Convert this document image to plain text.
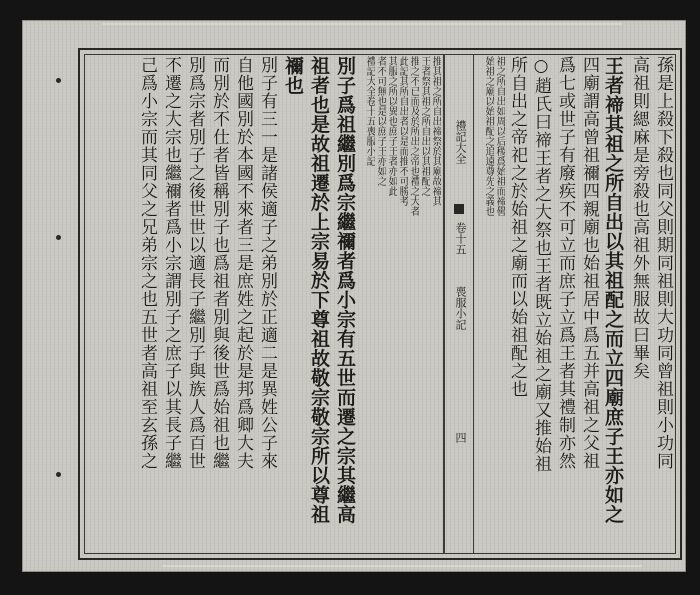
禮記大全
卷十五
喪服小記
四	孫是上殺下殺也同父則期同祖則大功同曾祖則小功同
高祖則緦麻是旁殺也高祖外無服故曰畢矣
王者禘其祖之所自出以其祖配之而立四廟庶子王亦如之
四廟謂高曾祖禰四親廟也始祖居中爲五并高祖之父祖
爲七或世子有廢疾不可立而庶子立爲王者其禮制亦然
○趙氏曰禘王者之大祭也王者既立始祖之廟又推始祖
所自出之帝祀之於始祖之廟而以始祖配之也
祖之所自出如周以后稷爲始祖而禘嚳
始祖之廟以始祖配之追遠尊先之義也
推其祖之所自出禘祭於其廟故禘其
王者祭其祖之所自出以其祖配之
推之不已而及於所出之帝也禮之大者
此記其所自出者以是而推不可勝考
其服之所以異也庶子王者亦如此
者不可無也是以庶子王亦如之
禮記大全卷十五喪服小記
別子爲祖繼別爲宗繼禰者爲小宗有五世而遷之宗其繼高
祖者也是故祖遷於上宗易於下尊祖故敬宗敬宗所以尊祖
禰也
別子有三一是諸侯適子之弟別於正適二是異姓公子來
自他國別於本國不來者三是庶姓之起於是邦爲卿大夫
而別於不仕者皆稱別子也爲祖者別與後世爲始祖也繼
別爲宗者別子之後世世以適長子繼別子與族人爲百世
不遷之大宗也繼禰者爲小宗謂別子之庶子以其長子繼
己爲小宗而其同父之兄弟宗之也五世者高祖至玄孫之
